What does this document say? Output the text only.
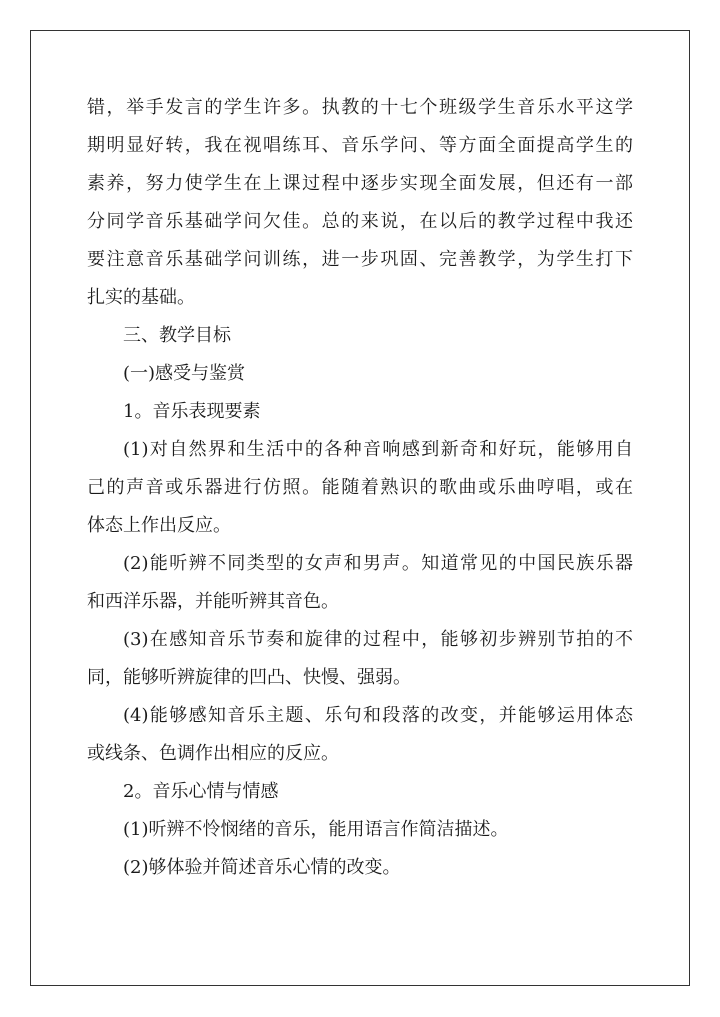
错，举手发言的学生许多。执教的十七个班级学生音乐水平这学

期明显好转，我在视唱练耳、音乐学问、等方面全面提高学生的

素养，努力使学生在上课过程中逐步实现全面发展，但还有一部

分同学音乐基础学问欠佳。总的来说，在以后的教学过程中我还

要注意音乐基础学问训练，进一步巩固、完善教学，为学生打下

扎实的基础。

三、教学目标

(一)感受与鉴赏

1。音乐表现要素

(1)对自然界和生活中的各种音响感到新奇和好玩，能够用自

己的声音或乐器进行仿照。能随着熟识的歌曲或乐曲哼唱，或在

体态上作出反应。

(2)能听辨不同类型的女声和男声。知道常见的中国民族乐器

和西洋乐器，并能听辨其音色。

(3)在感知音乐节奏和旋律的过程中，能够初步辨别节拍的不

同，能够听辨旋律的凹凸、快慢、强弱。

(4)能够感知音乐主题、乐句和段落的改变，并能够运用体态

或线条、色调作出相应的反应。

2。音乐心情与情感

(1)听辨不怜悯绪的音乐，能用语言作简洁描述。

(2)够体验并简述音乐心情的改变。
